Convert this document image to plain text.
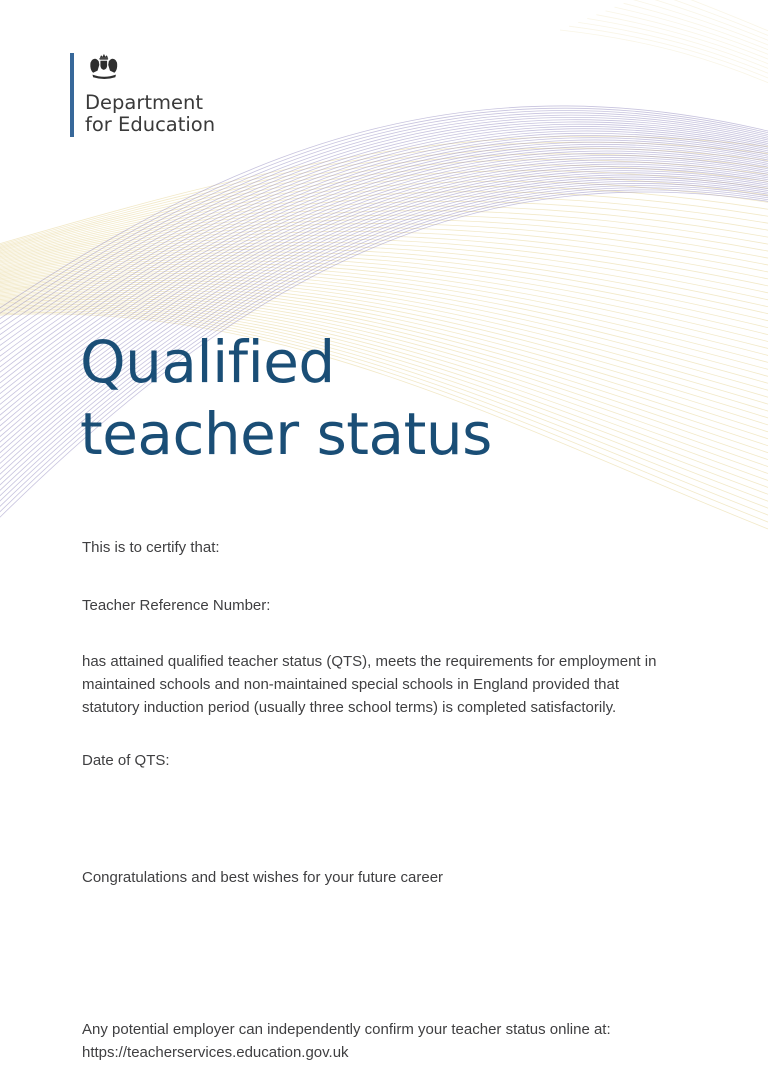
Department
for Education
Qualified
teacher status

This is to certify that:

Teacher Reference Number:

has attained qualified teacher status (QTS), meets the requirements for employment in maintained schools and non-maintained special schools in England provided that statutory induction period (usually three school terms) is completed satisfactorily.

Date of QTS:

Congratulations and best wishes for your future career

Any potential employer can independently confirm your teacher status online at:
https://teacherservices.education.gov.uk
